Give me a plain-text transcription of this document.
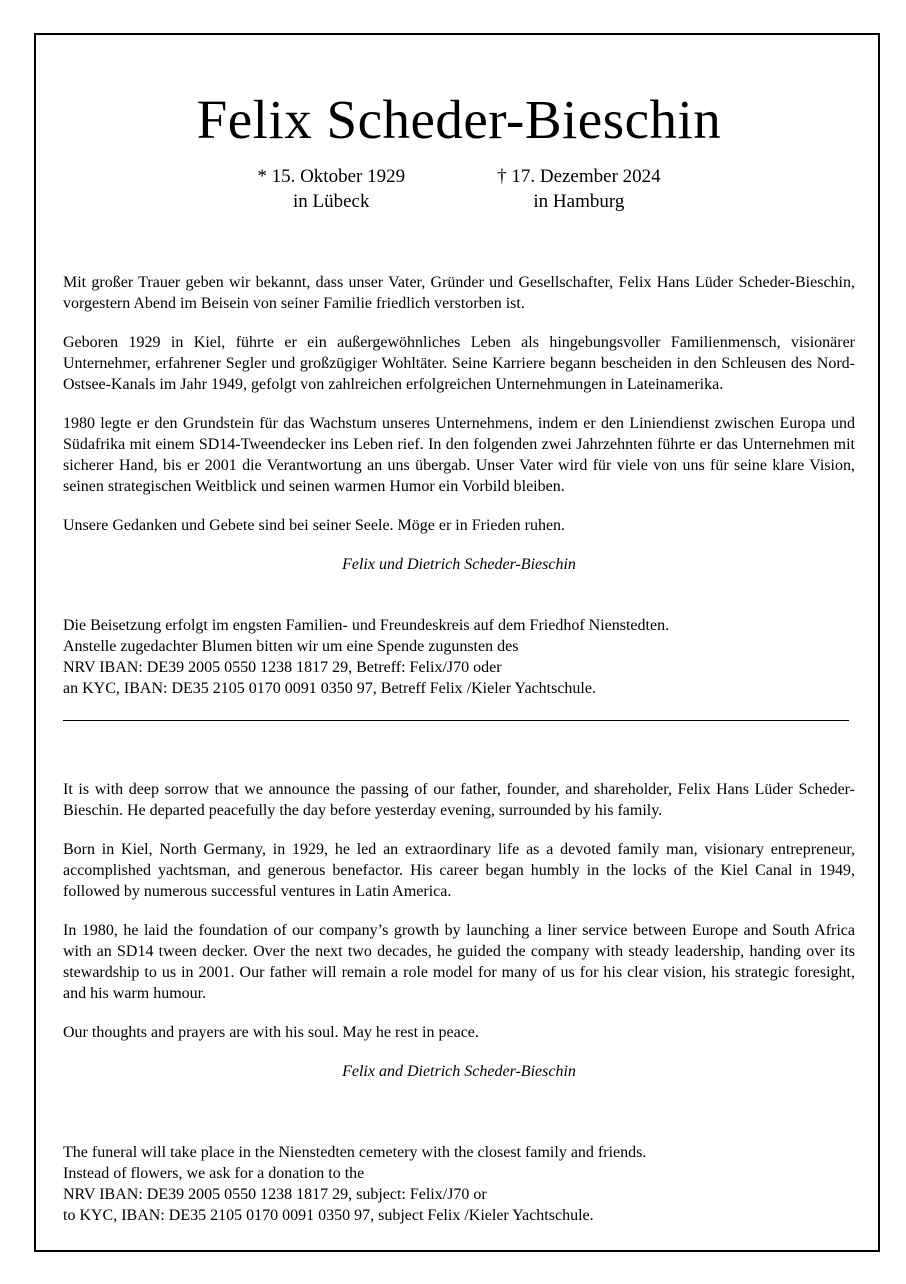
Felix Scheder-Bieschin
* 15. Oktober 1929
in Lübeck
† 17. Dezember 2024
in Hamburg

Mit großer Trauer geben wir bekannt, dass unser Vater, Gründer und Gesellschafter, Felix Hans Lüder Scheder-Bieschin, vorgestern Abend im Beisein von seiner Familie friedlich verstorben ist.

Geboren 1929 in Kiel, führte er ein außergewöhnliches Leben als hingebungsvoller Familienmensch, visionärer Unternehmer, erfahrener Segler und großzügiger Wohltäter. Seine Karriere begann bescheiden in den Schleusen des Nord-Ostsee-Kanals im Jahr 1949, gefolgt von zahlreichen erfolgreichen Unternehmungen in Lateinamerika.

1980 legte er den Grundstein für das Wachstum unseres Unternehmens, indem er den Liniendienst zwischen Europa und Südafrika mit einem SD14-Tweendecker ins Leben rief. In den folgenden zwei Jahrzehnten führte er das Unternehmen mit sicherer Hand, bis er 2001 die Verantwortung an uns übergab. Unser Vater wird für viele von uns für seine klare Vision, seinen strategischen Weitblick und seinen warmen Humor ein Vorbild bleiben.

Unsere Gedanken und Gebete sind bei seiner Seele. Möge er in Frieden ruhen.

Felix und Dietrich Scheder-Bieschin

Die Beisetzung erfolgt im engsten Familien- und Freundeskreis auf dem Friedhof Nienstedten.
Anstelle zugedachter Blumen bitten wir um eine Spende zugunsten des
NRV IBAN: DE39 2005 0550 1238 1817 29, Betreff: Felix/J70 oder
an KYC, IBAN: DE35 2105 0170 0091 0350 97, Betreff Felix /Kieler Yachtschule.

It is with deep sorrow that we announce the passing of our father, founder, and shareholder, Felix Hans Lüder Scheder-Bieschin. He departed peacefully the day before yesterday evening, surrounded by his family.

Born in Kiel, North Germany, in 1929, he led an extraordinary life as a devoted family man, visionary entrepreneur, accomplished yachtsman, and generous benefactor. His career began humbly in the locks of the Kiel Canal in 1949, followed by numerous successful ventures in Latin America.

In 1980, he laid the foundation of our company’s growth by launching a liner service between Europe and South Africa with an SD14 tween decker. Over the next two decades, he guided the company with steady leadership, handing over its stewardship to us in 2001. Our father will remain a role model for many of us for his clear vision, his strategic foresight, and his warm humour.

Our thoughts and prayers are with his soul. May he rest in peace.

Felix and Dietrich Scheder-Bieschin

The funeral will take place in the Nienstedten cemetery with the closest family and friends.
Instead of flowers, we ask for a donation to the
NRV IBAN: DE39 2005 0550 1238 1817 29, subject: Felix/J70 or
to KYC, IBAN: DE35 2105 0170 0091 0350 97, subject Felix /Kieler Yachtschule.
